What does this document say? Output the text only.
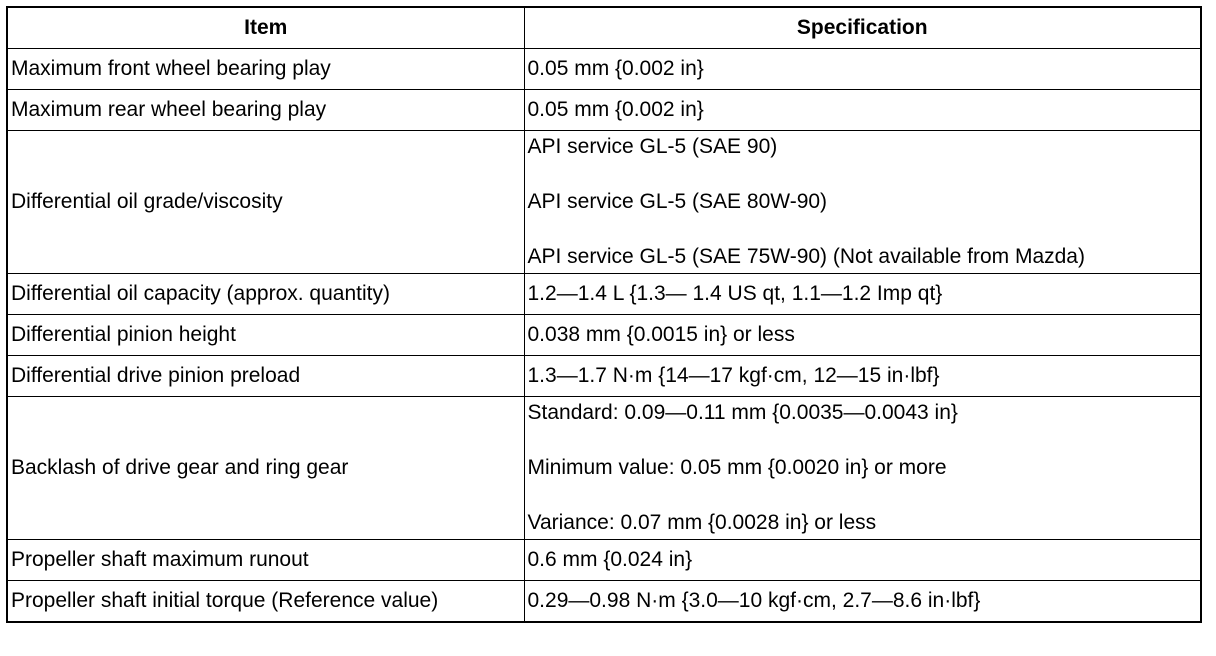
Item	Specification
Maximum front wheel bearing play	0.05 mm {0.002 in}
Maximum rear wheel bearing play	0.05 mm {0.002 in}
Differential oil grade/viscosity	API service GL-5 (SAE 90)
API service GL-5 (SAE 80W-90)
API service GL-5 (SAE 75W-90) (Not available from Mazda)

Differential oil capacity (approx. quantity)	1.2—1.4 L {1.3— 1.4 US qt, 1.1—1.2 Imp qt}
Differential pinion height	0.038 mm {0.0015 in} or less
Differential drive pinion preload	1.3—1.7 N·m {14—17 kgf·cm, 12—15 in·lbf}
Backlash of drive gear and ring gear	Standard: 0.09—0.11 mm {0.0035—0.0043 in}
Minimum value: 0.05 mm {0.0020 in} or more
Variance: 0.07 mm {0.0028 in} or less

Propeller shaft maximum runout	0.6 mm {0.024 in}
Propeller shaft initial torque (Reference value)	0.29—0.98 N·m {3.0—10 kgf·cm, 2.7—8.6 in·lbf}
